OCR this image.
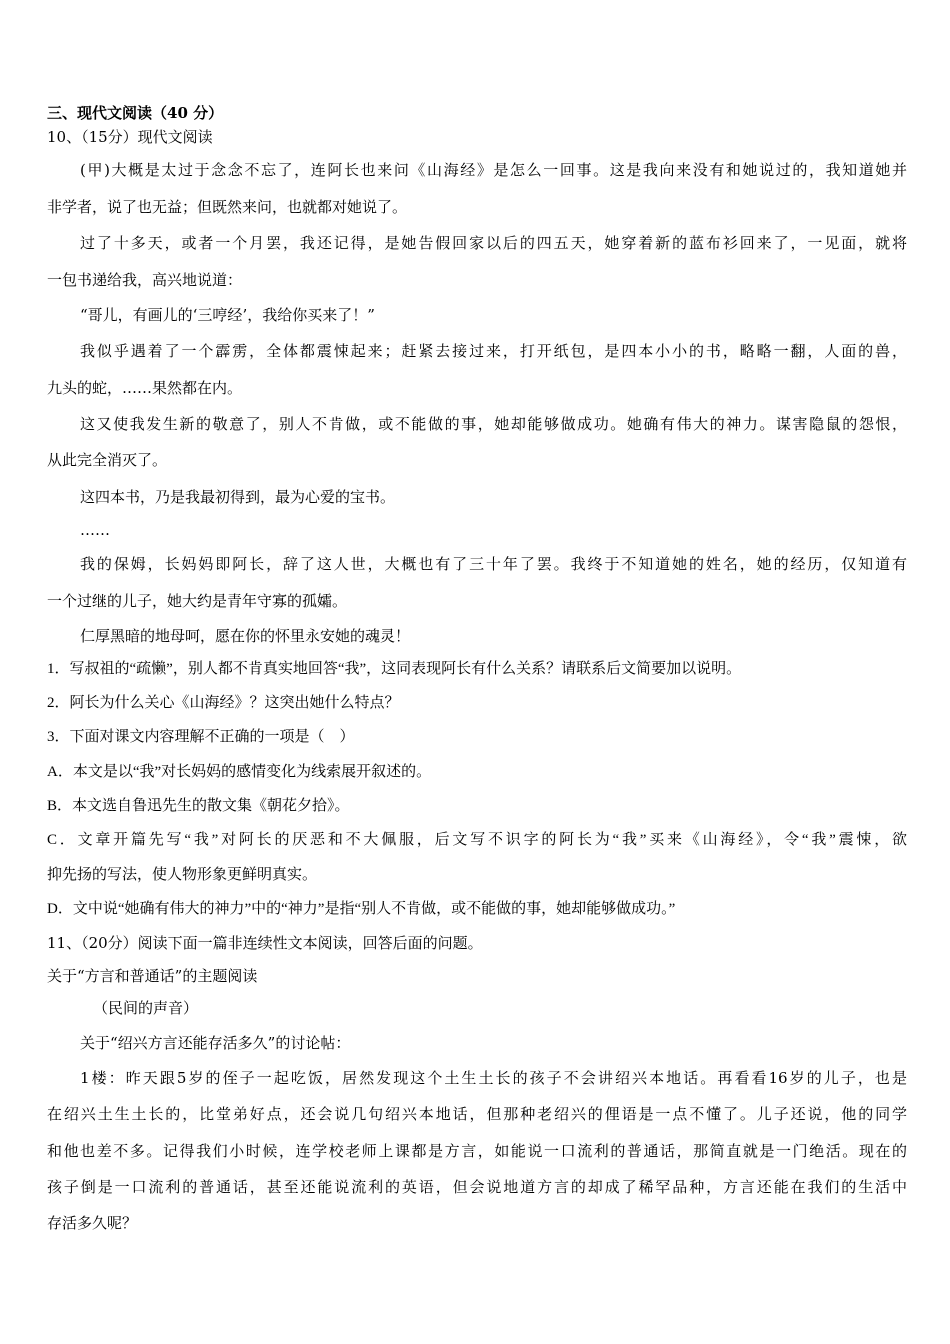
三、现代文阅读（40 分）
10、（15分）现代文阅读
(甲)大概是太过于念念不忘了，连阿长也来问《山海经》是怎么一回事。这是我向来没有和她说过的，我知道她并
非学者，说了也无益；但既然来问，也就都对她说了。
过了十多天，或者一个月罢，我还记得，是她告假回家以后的四五天，她穿着新的蓝布衫回来了，一见面，就将
一包书递给我，高兴地说道：
“哥儿，有画儿的‘三哼经’，我给你买来了！”
我似乎遇着了一个霹雳，全体都震悚起来；赶紧去接过来，打开纸包，是四本小小的书，略略一翻，人面的兽，
九头的蛇，……果然都在内。
这又使我发生新的敬意了，别人不肯做，或不能做的事，她却能够做成功。她确有伟大的神力。谋害隐鼠的怨恨，
从此完全消灭了。
这四本书，乃是我最初得到，最为心爱的宝书。
……
我的保姆，长妈妈即阿长，辞了这人世，大概也有了三十年了罢。我终于不知道她的姓名，她的经历，仅知道有
一个过继的儿子，她大约是青年守寡的孤孀。
仁厚黑暗的地母呵，愿在你的怀里永安她的魂灵！
1．写叔祖的“疏懒”，别人都不肯真实地回答“我”，这同表现阿长有什么关系？请联系后文简要加以说明。
2．阿长为什么关心《山海经》？这突出她什么特点？
3．下面对课文内容理解不正确的一项是（　）
A．本文是以“我”对长妈妈的感情变化为线索展开叙述的。
B．本文选自鲁迅先生的散文集《朝花夕拾》。
C．文章开篇先写“我”对阿长的厌恶和不大佩服，后文写不识字的阿长为“我”买来《山海经》，令“我”震悚，欲
抑先扬的写法，使人物形象更鲜明真实。
D．文中说“她确有伟大的神力”中的“神力”是指“别人不肯做，或不能做的事，她却能够做成功。”
11、（20分）阅读下面一篇非连续性文本阅读，回答后面的问题。
关于“方言和普通话”的主题阅读
（民间的声音）
关于“绍兴方言还能存活多久”的讨论帖：
1楼：昨天跟5岁的侄子一起吃饭，居然发现这个土生土长的孩子不会讲绍兴本地话。再看看16岁的儿子，也是
在绍兴土生土长的，比堂弟好点，还会说几句绍兴本地话，但那种老绍兴的俚语是一点不懂了。儿子还说，他的同学
和他也差不多。记得我们小时候，连学校老师上课都是方言，如能说一口流利的普通话，那简直就是一门绝活。现在的
孩子倒是一口流利的普通话，甚至还能说流利的英语，但会说地道方言的却成了稀罕品种，方言还能在我们的生活中
存活多久呢？
